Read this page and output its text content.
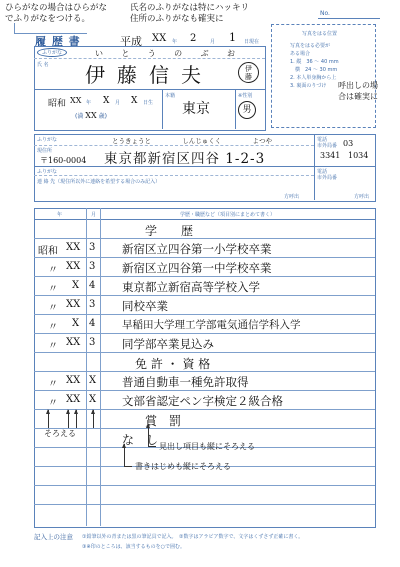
ひらがなの場合はひらがな
でふりがなをつける。
氏名のふりがなは特にハッキリ
住所のふりがなも確実に
No.
履 歴 書	平成 XX 年 2	月 1 日現在
ふりがな	い と う の ぶ お
氏 名 伊藤信夫	伊
藤
昭和 XX 年 X 月 X 日生
(満 XX 歳)
本籍
東京
※性別
男
写真をはる位置
写真をはる必要が
ある場合
1. 縦　36 ～ 40 mm
　横　24 ～ 30 mm
2. 本人単身胸から上
3. 裏面のりづけ	呼出しの場
合は確実に
ふりがな	とうきょうと	しんじゅくく	よつや
現住所
〒160-0004 東京都新宿区四谷 1-2-3
電話
市外局番 03
3341 1034
ふりがな
連 絡 先（現住所以外に連絡を希望する場合のみ記入）
電話
市外局番
方呼出	方呼出
年	月	学歴・職歴など（項目別にまとめて書く）
学　　歴
昭和 XX 3 新宿区立四谷第一小学校卒業
〃 XX 3 新宿区立四谷第一中学校卒業
〃 X 4 東京都立新宿高等学校入学
〃 XX 3 同校卒業
〃 X 4	早稲田大学理工学部電気通信学科入学
〃 XX 3 同学部卒業見込み
免 許 ・ 資 格
〃 XX X 普通自動車一種免許取得
〃 XX X 文部省認定ペン字検定２級合格
賞　罰
な　し
そろえる
見出し項目も縦にそろえる
書きはじめも縦にそろえる
記入上の注意 ①鉛筆以外の青または黒の筆記具で記入。　②数字はアラビア数字で、文字はくずさず正確に書く。
③※印のところは、該当するものを○で囲む。
